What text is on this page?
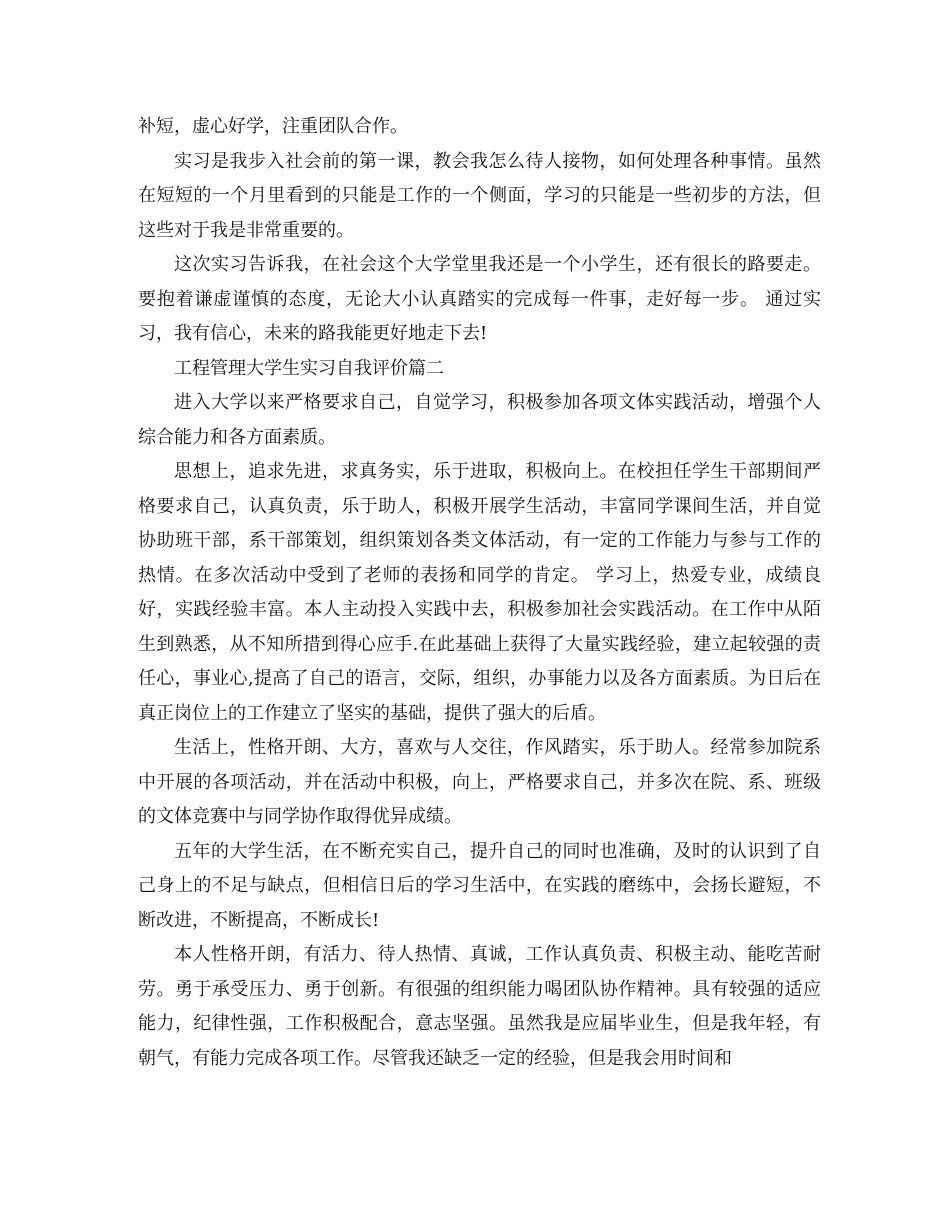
补短，虚心好学，注重团队合作。

实习是我步入社会前的第一课，教会我怎么待人接物，如何处理各种事情。虽然在短短的一个月里看到的只能是工作的一个侧面，学习的只能是一些初步的方法，但这些对于我是非常重要的。

这次实习告诉我，在社会这个大学堂里我还是一个小学生，还有很长的路要走。要抱着谦虚谨慎的态度，无论大小认真踏实的完成每一件事，走好每一步。 通过实习，我有信心，未来的路我能更好地走下去!

工程管理大学生实习自我评价篇二

进入大学以来严格要求自己，自觉学习，积极参加各项文体实践活动，增强个人综合能力和各方面素质。

思想上，追求先进，求真务实，乐于进取，积极向上。在校担任学生干部期间严格要求自己，认真负责，乐于助人，积极开展学生活动，丰富同学课间生活，并自觉协助班干部，系干部策划，组织策划各类文体活动，有一定的工作能力与参与工作的热情。在多次活动中受到了老师的表扬和同学的肯定。 学习上，热爱专业，成绩良好，实践经验丰富。本人主动投入实践中去，积极参加社会实践活动。在工作中从陌生到熟悉，从不知所措到得心应手.在此基础上获得了大量实践经验，建立起较强的责任心，事业心,提高了自己的语言，交际，组织，办事能力以及各方面素质。为日后在真正岗位上的工作建立了坚实的基础，提供了强大的后盾。

生活上，性格开朗、大方，喜欢与人交往，作风踏实，乐于助人。经常参加院系中开展的各项活动，并在活动中积极，向上，严格要求自己，并多次在院、系、班级的文体竞赛中与同学协作取得优异成绩。

五年的大学生活，在不断充实自己，提升自己的同时也准确，及时的认识到了自己身上的不足与缺点，但相信日后的学习生活中，在实践的磨练中，会扬长避短，不断改进，不断提高，不断成长!

本人性格开朗，有活力、待人热情、真诚，工作认真负责、积极主动、能吃苦耐劳。勇于承受压力、勇于创新。有很强的组织能力喝团队协作精神。具有较强的适应能力，纪律性强，工作积极配合，意志坚强。虽然我是应届毕业生，但是我年轻，有朝气，有能力完成各项工作。尽管我还缺乏一定的经验，但是我会用时间和
